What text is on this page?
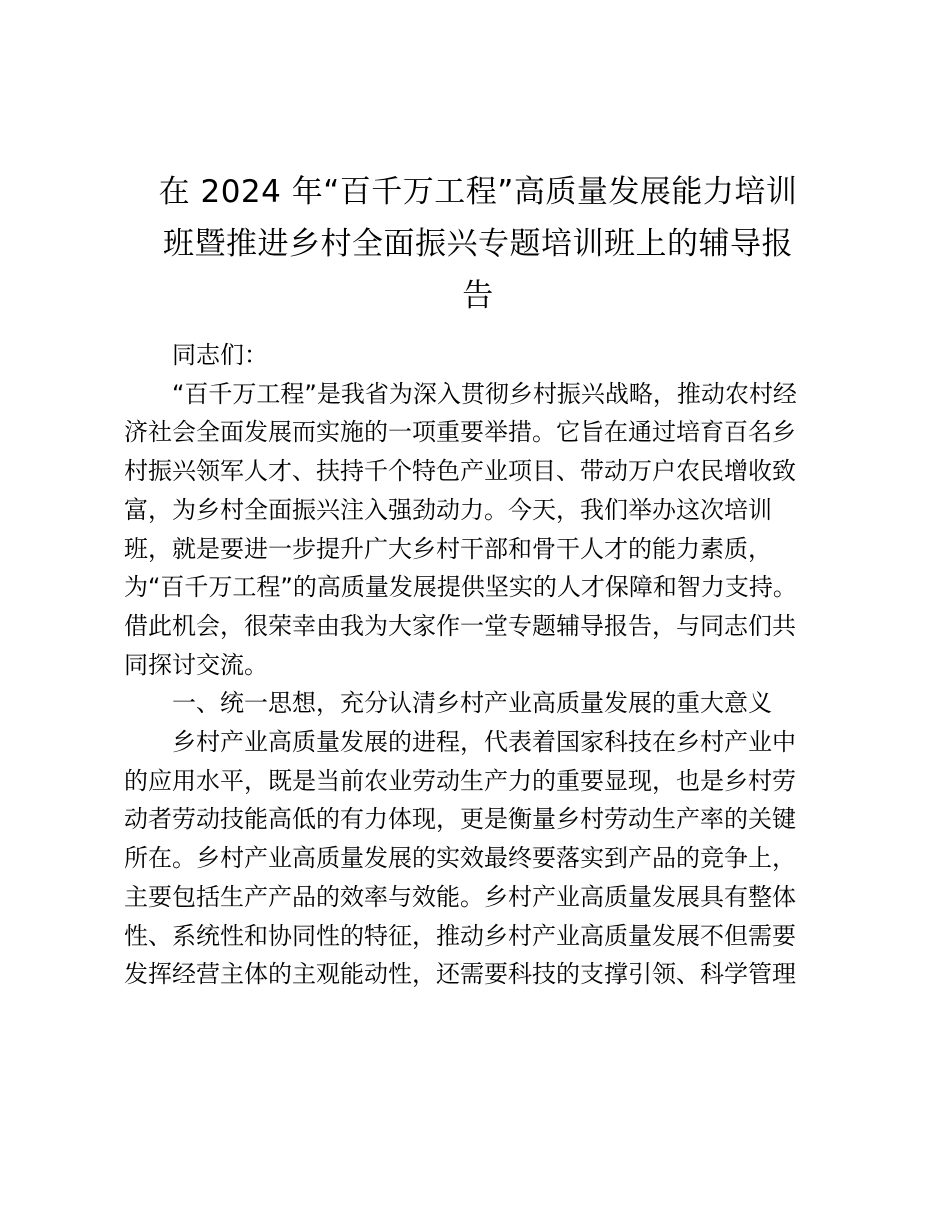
在 2024 年“百千万工程”高质量发展能力培训
班暨推进乡村全面振兴专题培训班上的辅导报
告
同志们：
“百千万工程”是我省为深入贯彻乡村振兴战略，推动农村经
济社会全面发展而实施的一项重要举措。它旨在通过培育百名乡
村振兴领军人才、扶持千个特色产业项目、带动万户农民增收致
富，为乡村全面振兴注入强劲动力。今天，我们举办这次培训
班，就是要进一步提升广大乡村干部和骨干人才的能力素质，
为“百千万工程”的高质量发展提供坚实的人才保障和智力支持。
借此机会，很荣幸由我为大家作一堂专题辅导报告，与同志们共
同探讨交流。
一、统一思想，充分认清乡村产业高质量发展的重大意义
乡村产业高质量发展的进程，代表着国家科技在乡村产业中
的应用水平，既是当前农业劳动生产力的重要显现，也是乡村劳
动者劳动技能高低的有力体现，更是衡量乡村劳动生产率的关键
所在。乡村产业高质量发展的实效最终要落实到产品的竞争上，
主要包括生产产品的效率与效能。乡村产业高质量发展具有整体
性、系统性和协同性的特征，推动乡村产业高质量发展不但需要
发挥经营主体的主观能动性，还需要科技的支撑引领、科学管理
